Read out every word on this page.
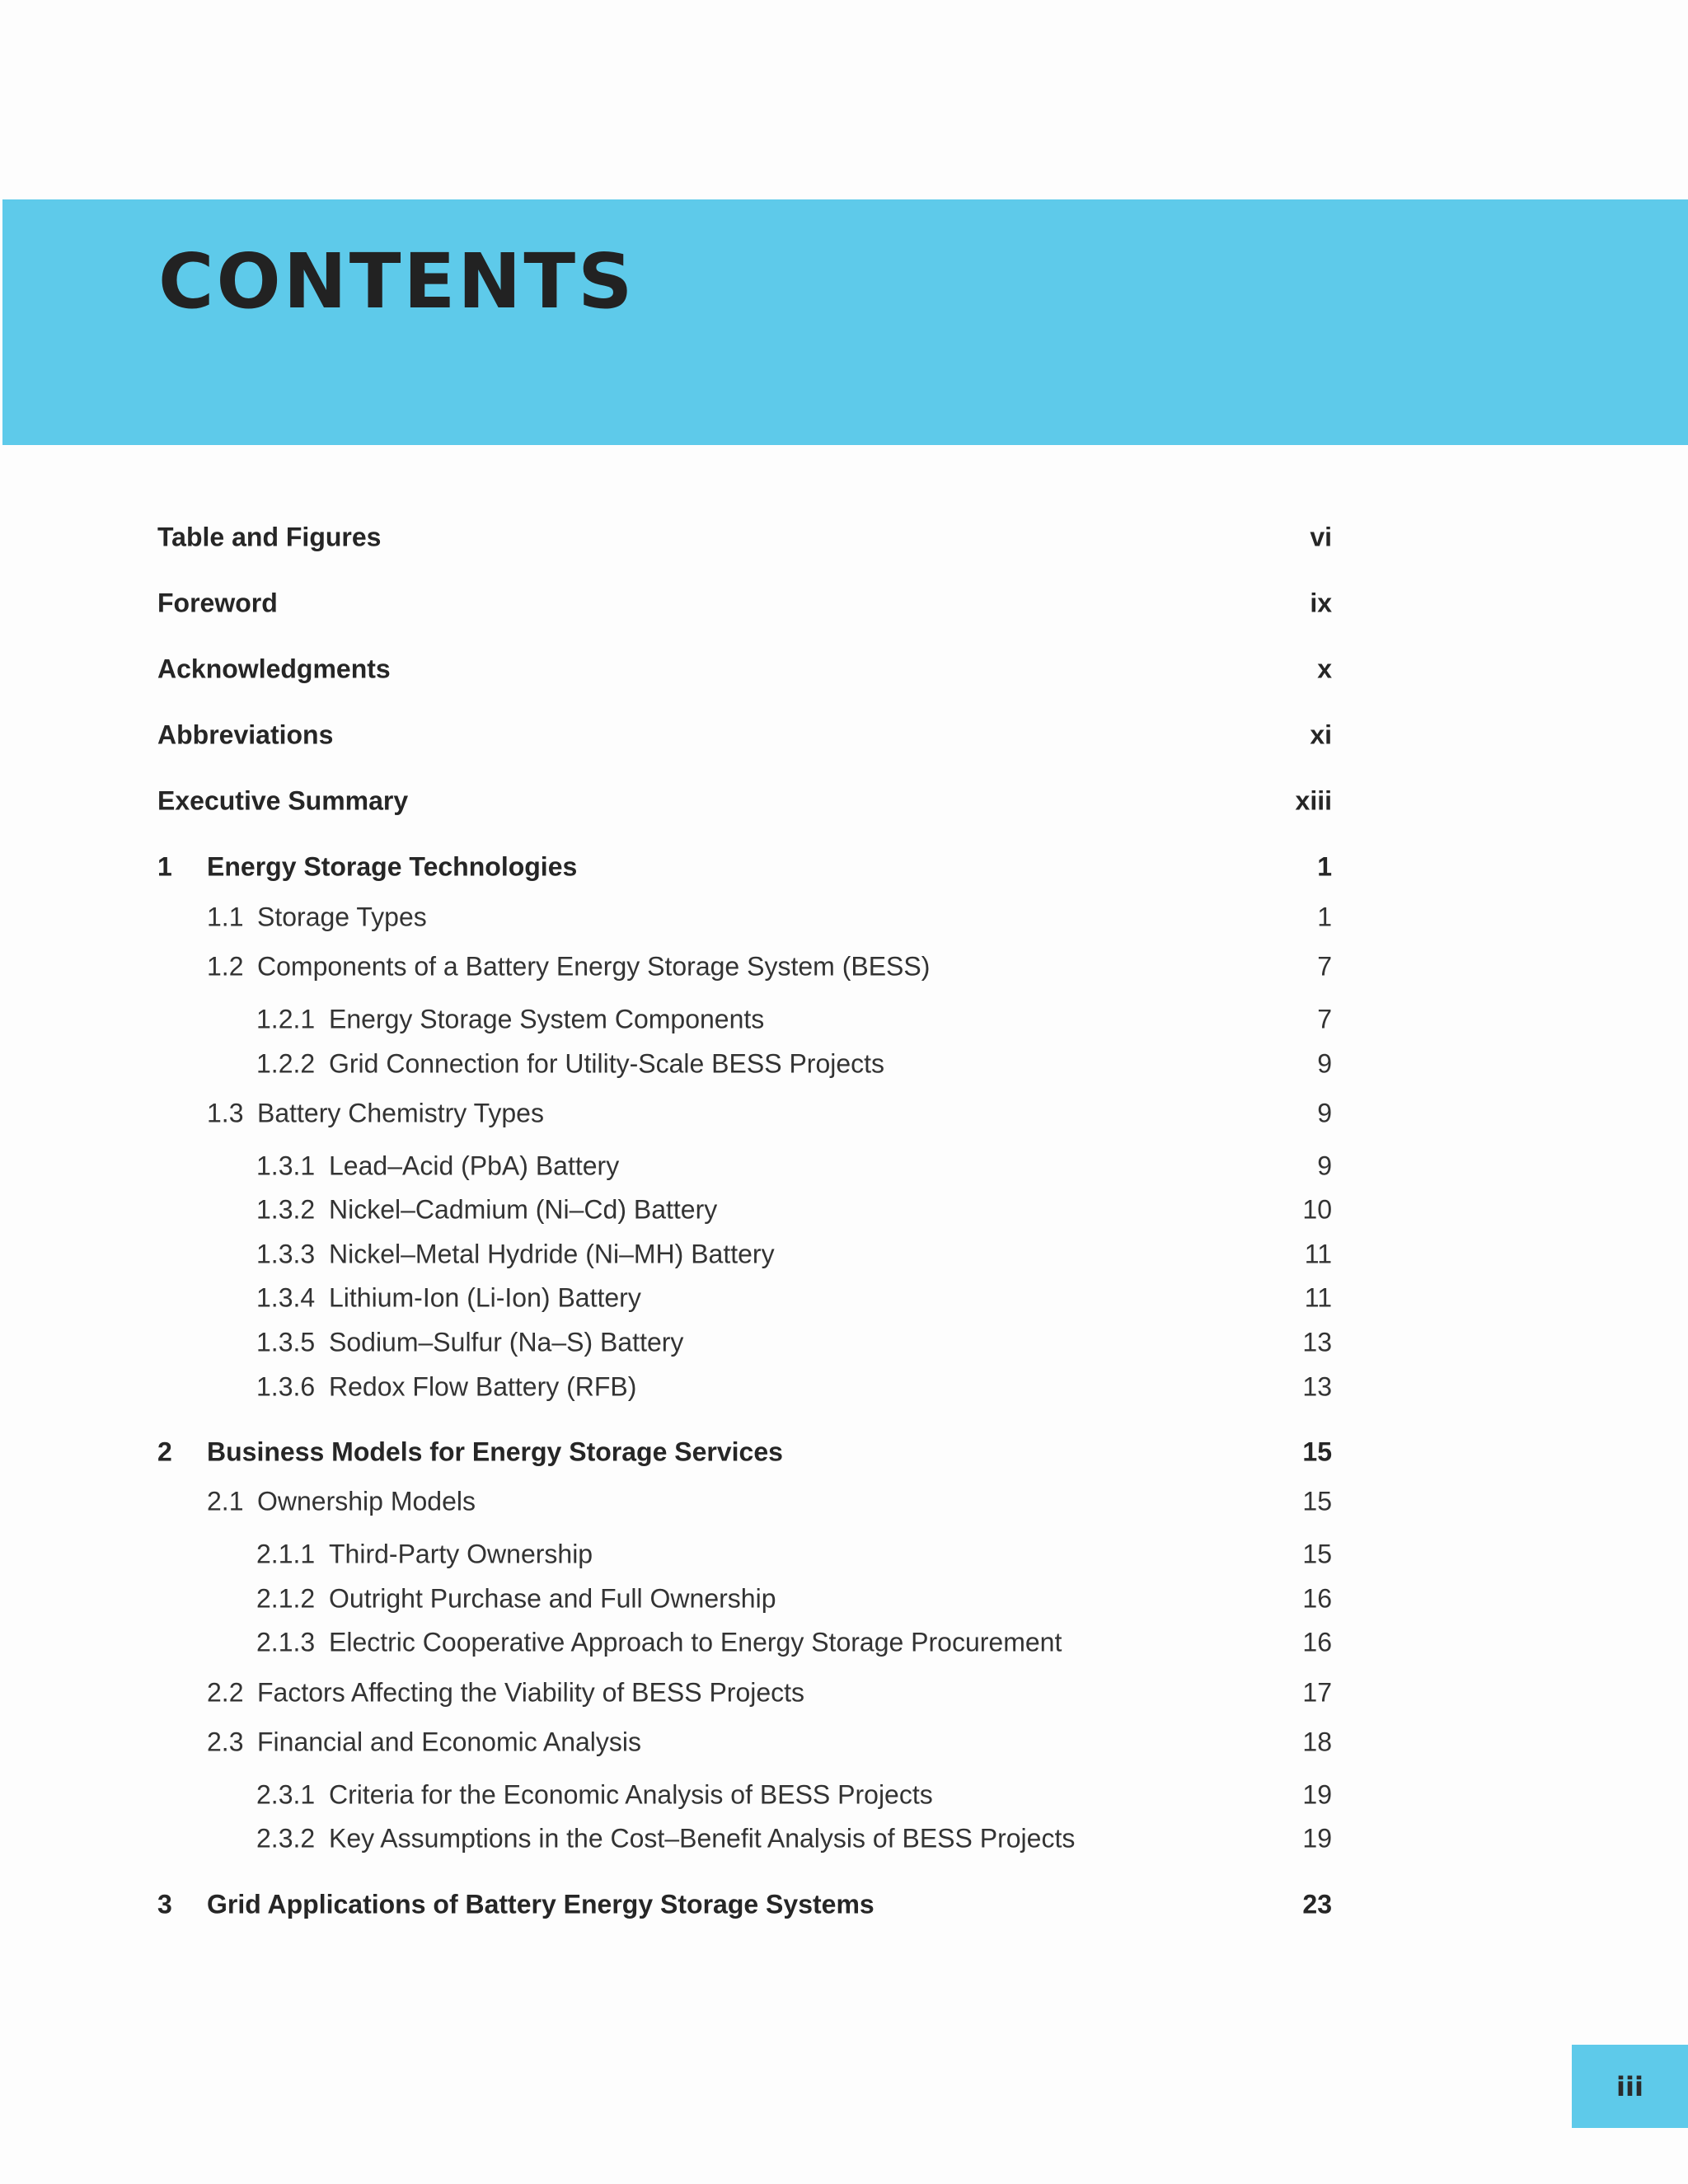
CONTENTS
Table and Figures	vi
Foreword	ix
Acknowledgments	x
Abbreviations	xi
Executive Summary	xiii
1 Energy Storage Technologies	1
1.1 Storage Types	1
1.2 Components of a Battery Energy Storage System (BESS)	7
1.2.1 Energy Storage System Components	7
1.2.2 Grid Connection for Utility-Scale BESS Projects	9
1.3 Battery Chemistry Types	9
1.3.1 Lead–Acid (PbA) Battery	9
1.3.2 Nickel–Cadmium (Ni–Cd) Battery	10
1.3.3 Nickel–Metal Hydride (Ni–MH) Battery	11
1.3.4 Lithium-Ion (Li-Ion) Battery	11
1.3.5 Sodium–Sulfur (Na–S) Battery	13
1.3.6 Redox Flow Battery (RFB)	13
2 Business Models for Energy Storage Services	15
2.1 Ownership Models	15
2.1.1 Third-Party Ownership	15
2.1.2 Outright Purchase and Full Ownership	16
2.1.3 Electric Cooperative Approach to Energy Storage Procurement	16
2.2 Factors Affecting the Viability of BESS Projects	17
2.3 Financial and Economic Analysis	18
2.3.1 Criteria for the Economic Analysis of BESS Projects	19
2.3.2 Key Assumptions in the Cost–Benefit Analysis of BESS Projects	19
3 Grid Applications of Battery Energy Storage Systems	23
iii
